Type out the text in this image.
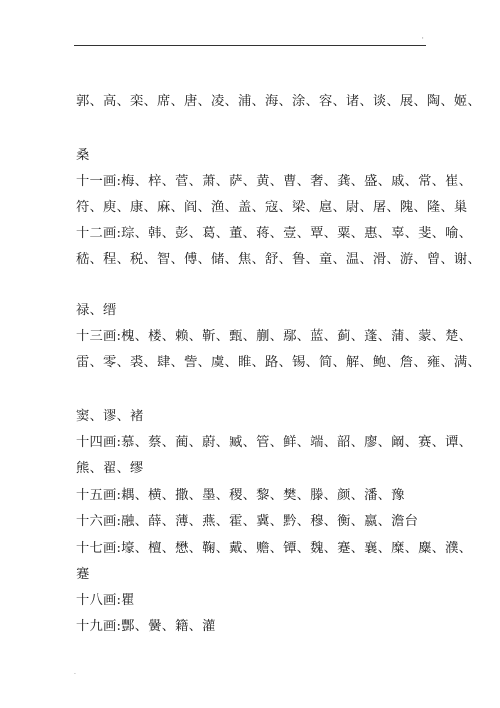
'
郭、高、栾、席、唐、凌、浦、海、涂、容、诸、谈、展、陶、姬、
桑
十一画:梅、梓、菅、萧、萨、黄、曹、奢、龚、盛、戚、常、崔、
符、庾、康、麻、阎、渔、盖、寇、梁、扈、尉、屠、隗、隆、巢
十二画:琮、韩、彭、葛、董、蒋、壹、覃、粟、惠、辜、斐、喻、
嵇、程、税、智、傅、储、焦、舒、鲁、童、温、滑、游、曾、谢、
禄、缙
十三画:槐、楼、赖、靳、甄、蒯、鄢、蓝、蓟、蓬、蒲、蒙、楚、
雷、零、裘、肆、訾、虞、睢、路、锡、简、解、鲍、詹、雍、满、
窦、谬、褚
十四画:慕、蔡、蔺、蔚、臧、管、鲜、端、韶、廖、阚、赛、谭、
熊、翟、缪
十五画:耦、横、撒、墨、稷、黎、樊、滕、颜、潘、豫
十六画:融、薛、薄、燕、霍、冀、黔、穆、衡、嬴、澹台
十七画:壕、檀、懋、鞠、戴、赡、镡、魏、蹇、襄、糜、麋、濮、
蹇
十八画:瞿
十九画:酆、黌、籍、灌
.
